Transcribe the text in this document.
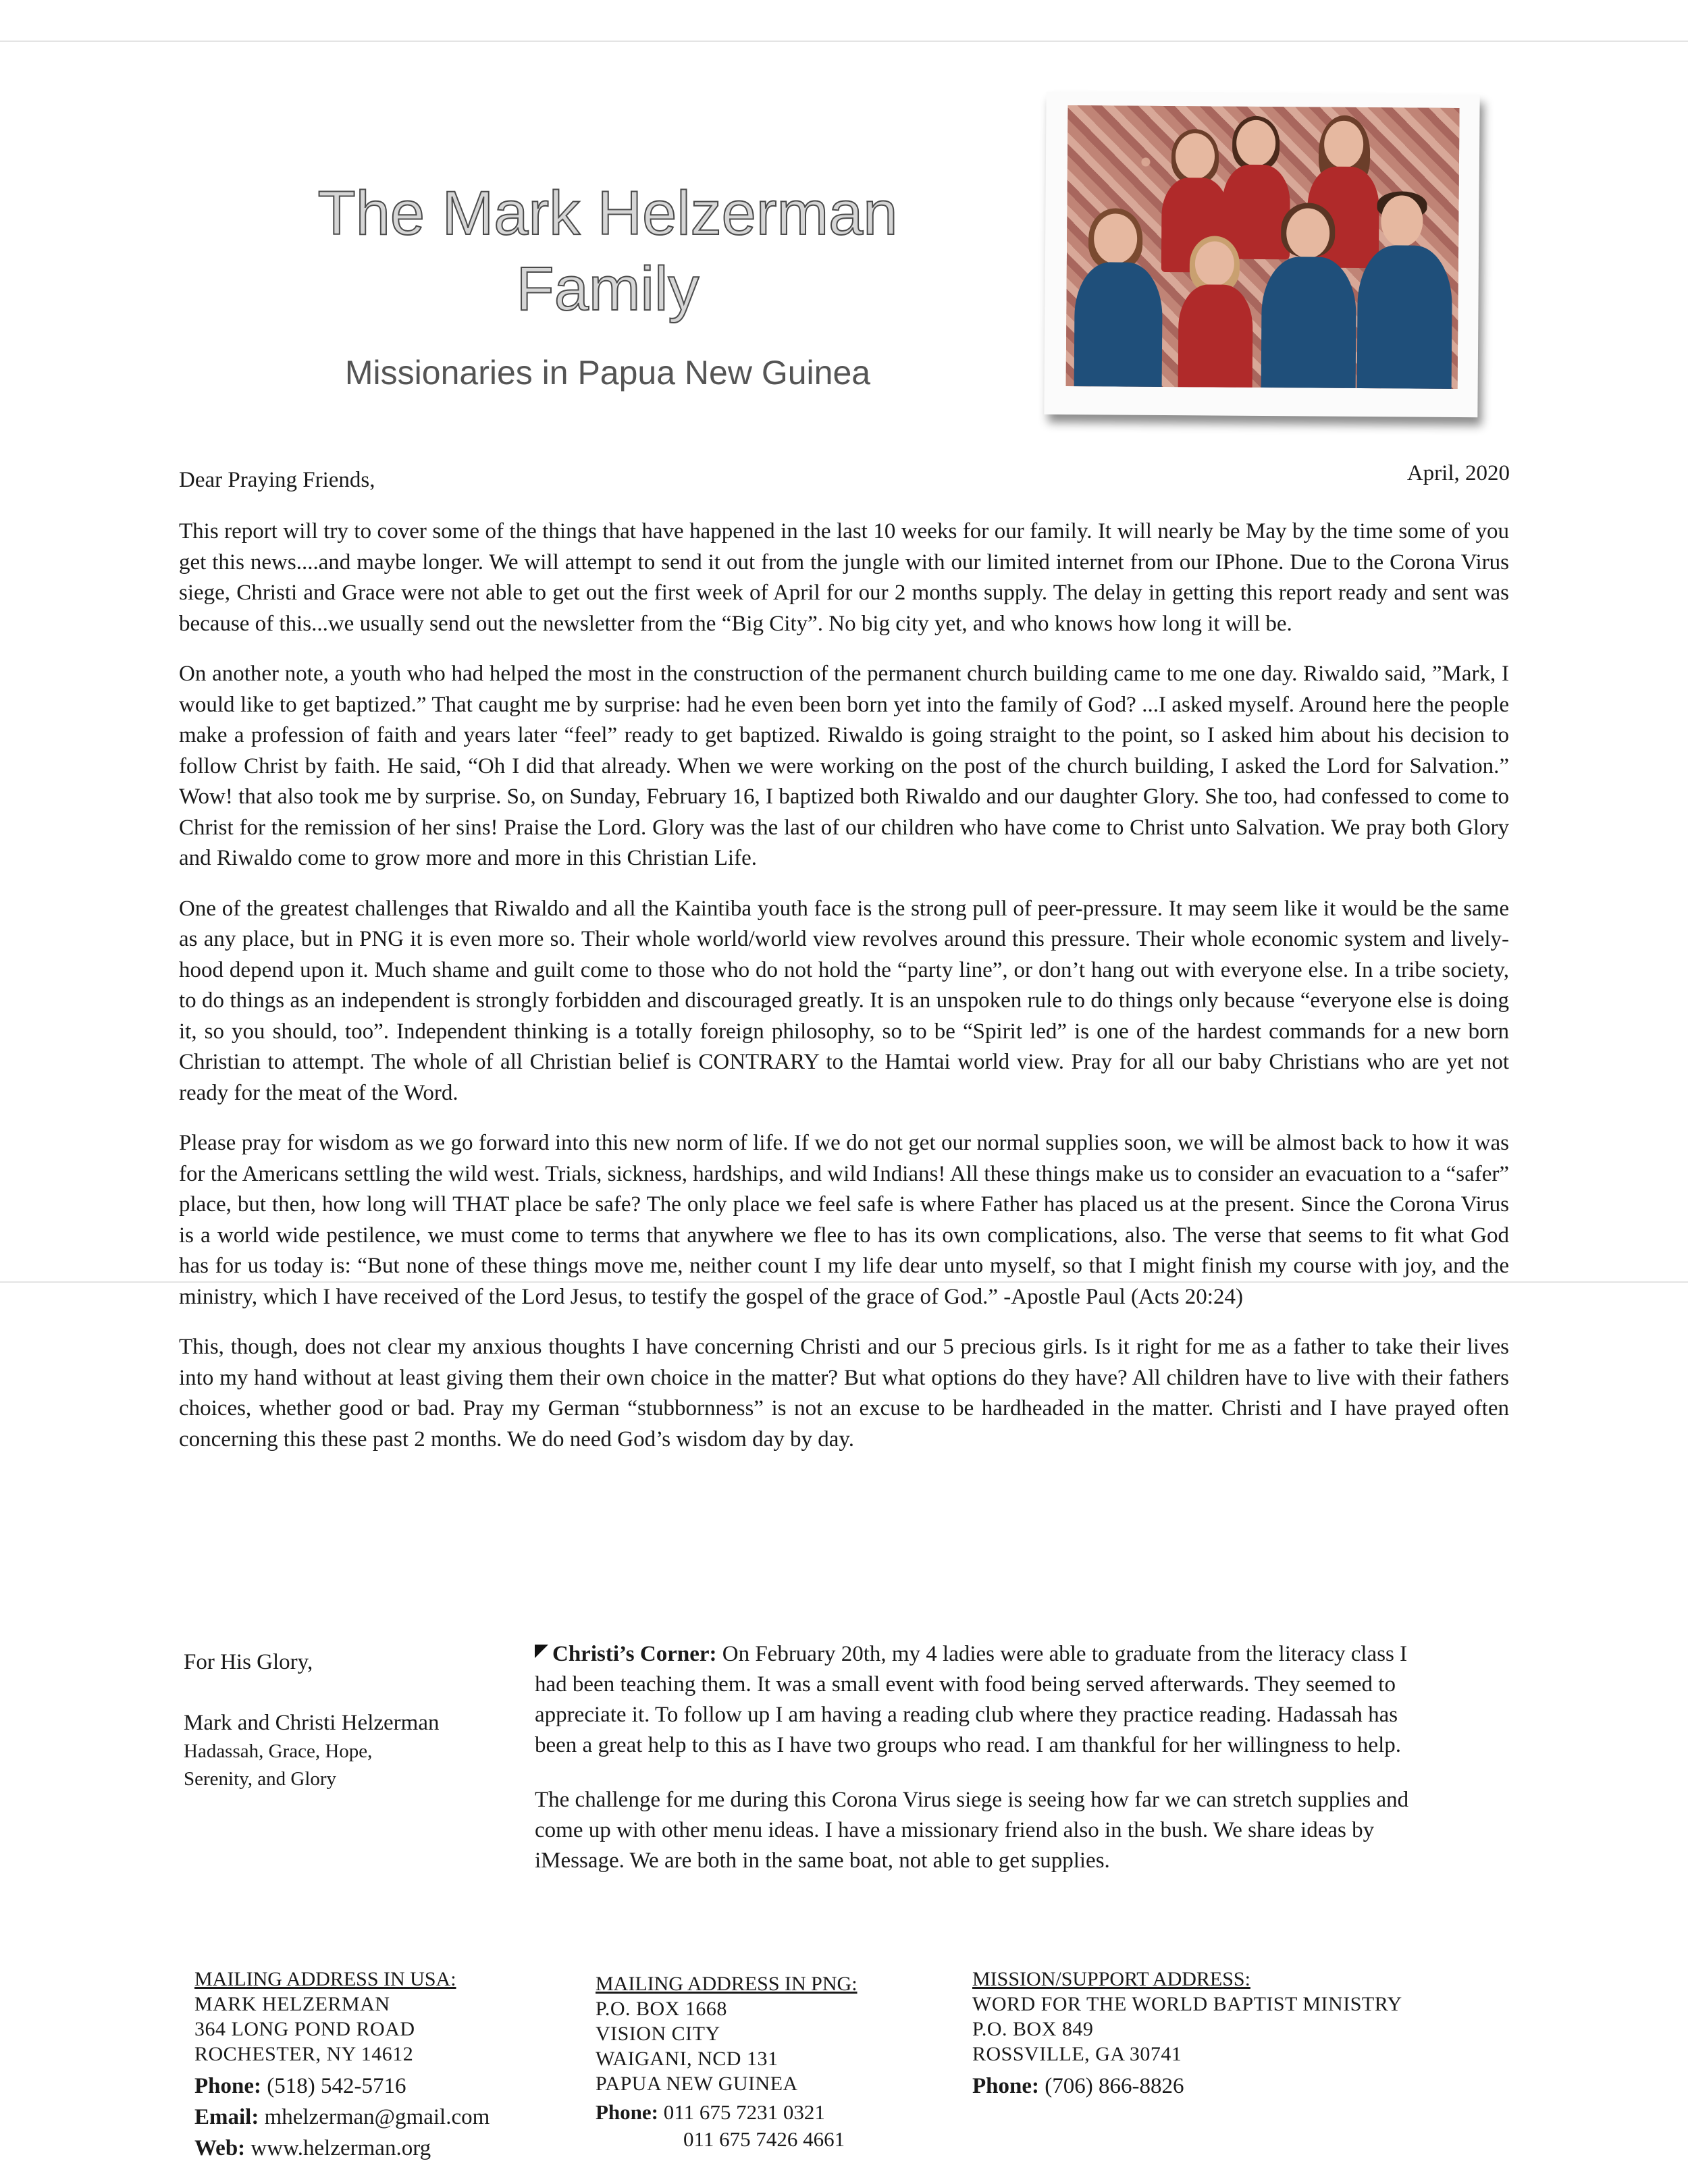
The Mark Helzerman
Family
Missionaries in Papua New Guinea
Dear Praying Friends,	April, 2020

This report will try to cover some of the things that have happened in the last 10 weeks for our family. It will nearly be May by the time some of you get this news....and maybe longer. We will attempt to send it out from the jungle with our limited internet from our IPhone. Due to the Corona Virus siege, Christi and Grace were not able to get out the first week of April for our 2 months supply. The delay in getting this report ready and sent was because of this...we usually send out the newsletter from the “Big City”. No big city yet, and who knows how long it will be.

On another note, a youth who had helped the most in the construction of the permanent church building came to me one day. Riwaldo said, ”Mark, I would like to get baptized.” That caught me by surprise: had he even been born yet into the family of God? ...I asked myself. Around here the people make a profession of faith and years later “feel” ready to get baptized. Riwaldo is going straight to the point, so I asked him about his decision to follow Christ by faith. He said, “Oh I did that already. When we were working on the post of the church building, I asked the Lord for Salvation.” Wow! that also took me by surprise. So, on Sunday, February 16, I baptized both Riwaldo and our daughter Glory. She too, had confessed to come to Christ for the remission of her sins! Praise the Lord. Glory was the last of our children who have come to Christ unto Salvation. We pray both Glory and Riwaldo come to grow more and more in this Christian Life.

One of the greatest challenges that Riwaldo and all the Kaintiba youth face is the strong pull of peer-pressure. It may seem like it would be the same as any place, but in PNG it is even more so. Their whole world/world view revolves around this pressure. Their whole economic system and lively-hood depend upon it. Much shame and guilt come to those who do not hold the “party line”, or don’t hang out with everyone else. In a tribe society, to do things as an independent is strongly forbidden and discouraged greatly. It is an unspoken rule to do things only because “everyone else is doing it, so you should, too”. Independent thinking is a totally foreign philosophy, so to be “Spirit led” is one of the hardest commands for a new born Christian to attempt. The whole of all Christian belief is CONTRARY to the Hamtai world view. Pray for all our baby Christians who are yet not ready for the meat of the Word.

Please pray for wisdom as we go forward into this new norm of life. If we do not get our normal supplies soon, we will be almost back to how it was for the Americans settling the wild west. Trials, sickness, hardships, and wild Indians! All these things make us to consider an evacuation to a “safer” place, but then, how long will THAT place be safe? The only place we feel safe is where Father has placed us at the present. Since the Corona Virus is a world wide pestilence, we must come to terms that anywhere we flee to has its own complications, also. The verse that seems to fit what God has for us today is: “But none of these things move me, neither count I my life dear unto myself, so that I might finish my course with joy, and the ministry, which I have received of the Lord Jesus, to testify the gospel of the grace of God.” -Apostle Paul (Acts 20:24)

This, though, does not clear my anxious thoughts I have concerning Christi and our 5 precious girls. Is it right for me as a father to take their lives into my hand without at least giving them their own choice in the matter? But what options do they have? All children have to live with their fathers choices, whether good or bad. Pray my German “stubbornness” is not an excuse to be hardheaded in the matter. Christi and I have prayed often concerning this these past 2 months. We do need God’s wisdom day by day.

For His Glory,
Mark and Christi Helzerman
Hadassah, Grace, Hope,
Serenity, and Glory

Christi’s Corner: On February 20th, my 4 ladies were able to graduate from the literacy class I had been teaching them. It was a small event with food being served afterwards. They seemed to appreciate it. To follow up I am having a reading club where they practice reading. Hadassah has been a great help to this as I have two groups who read. I am thankful for her willingness to help.

The challenge for me during this Corona Virus siege is seeing how far we can stretch supplies and come up with other menu ideas. I have a missionary friend also in the bush. We share ideas by iMessage. We are both in the same boat, not able to get supplies.

MAILING ADDRESS IN USA:
MARK HELZERMAN
364 LONG POND ROAD
ROCHESTER, NY 14612
Phone: (518) 542-5716
Email: mhelzerman@gmail.com
Web: www.helzerman.org
MAILING ADDRESS IN PNG:
P.O. BOX 1668
VISION CITY
WAIGANI, NCD 131
PAPUA NEW GUINEA
Phone: 011 675 7231 0321
011 675 7426 4661
MISSION/SUPPORT ADDRESS:
WORD FOR THE WORLD BAPTIST MINISTRY
P.O. BOX 849
ROSSVILLE, GA 30741
Phone: (706) 866-8826
